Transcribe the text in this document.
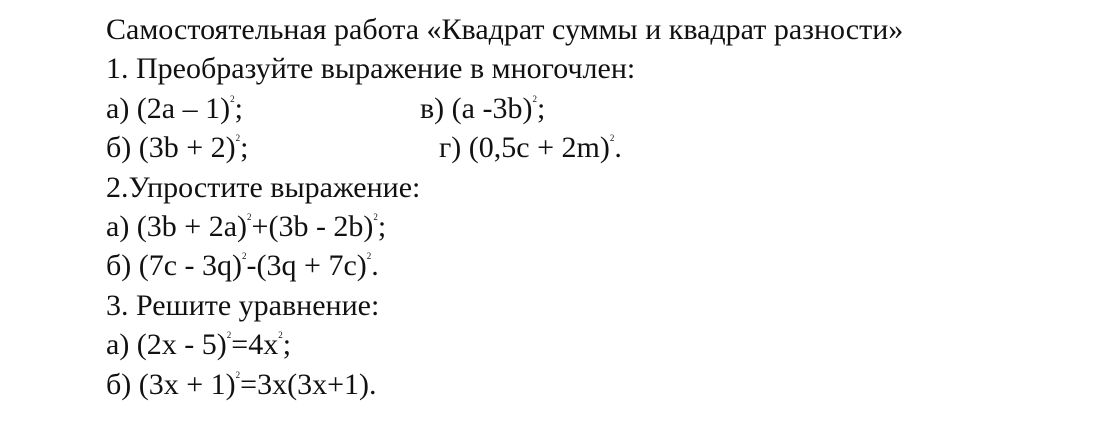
Самостоятельная работа «Квадрат суммы и квадрат разности»
1. Преобразуйте выражение в многочлен:
а) (2а – 1)$^2$;	в) (а -3b)$^2$;
б) $(3b + 2)^2$;	г) $(0,5c + 2m)^2$.
2.Упростите выражение:
а) $(3b + 2a)^2+(3b - 2b)^2$;
б) $(7c - 3q)^2-(3q + 7c)^2$.
3. Решите уравнение:
а) $(2x - 5)^2=4x^2$;
б) $(3x + 1)^2=3x(3x+1)$.
